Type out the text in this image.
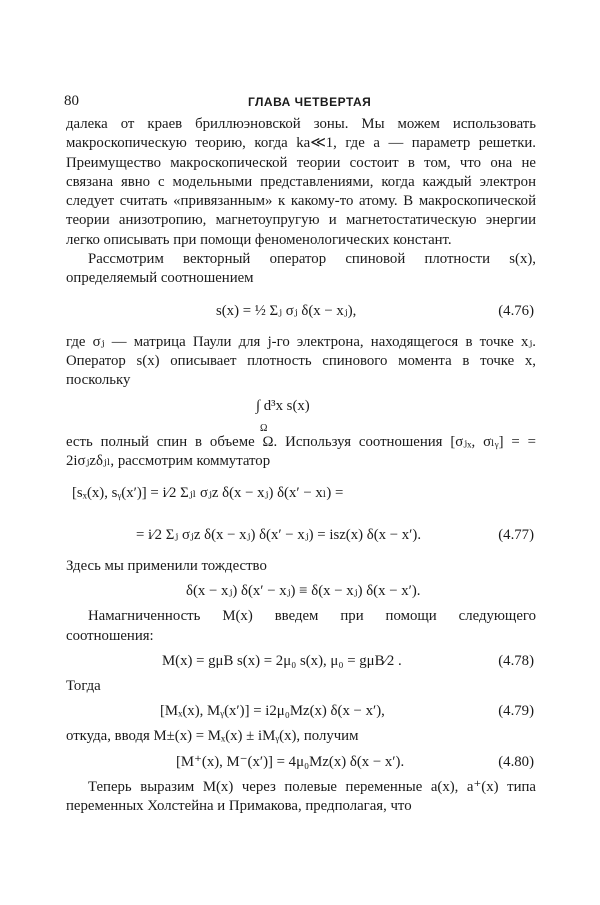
80	ГЛАВА ЧЕТВЕРТАЯ

далека от краев бриллюэновской зоны. Мы можем использовать макроскопическую теорию, когда ka≪1, где a — параметр решетки. Преимущество макроскопической теории состоит в том, что она не связана явно с модельными представлениями, когда каждый электрон следует считать «привязанным» к какому-то атому. В макроскопической теории анизотропию, магнетоупругую и магнетостатическую энергии легко описывать при помощи феноменологических констант.

Рассмотрим векторный оператор спиновой плотности s(x), определяемый соотношением

s(x) = ½ Σⱼ σⱼ δ(x − xⱼ),	(4.76)

где σⱼ — матрица Паули для j-го электрона, находящегося в точке xⱼ. Оператор s(x) описывает плотность спинового момента в точке x, поскольку

∫ d³x s(x)
Ω

есть полный спин в объеме Ω. Используя соотношения [σⱼₓ, σₗᵧ] = = 2iσⱼzδⱼₗ, рассмотрим коммутатор

[sₓ(x), sᵧ(x′)] = i⁄2 Σⱼₗ σⱼz δ(x − xⱼ) δ(x′ − xₗ) =
= i⁄2 Σⱼ σⱼz δ(x − xⱼ) δ(x′ − xⱼ) = isz(x) δ(x − x′).	(4.77)

Здесь мы применили тождество

δ(x − xⱼ) δ(x′ − xⱼ) ≡ δ(x − xⱼ) δ(x − x′).

Намагниченность M(x) введем при помощи следующего соотношения:

M(x) = gμB s(x) = 2μ₀ s(x), μ₀ = gμB⁄2 .	(4.78)

Тогда

[Mₓ(x), Mᵧ(x′)] = i2μ₀Mz(x) δ(x − x′),	(4.79)

откуда, вводя M±(x) = Mₓ(x) ± iMᵧ(x), получим

[M⁺(x), M⁻(x′)] = 4μ₀Mz(x) δ(x − x′).	(4.80)

Теперь выразим M(x) через полевые переменные a(x), a⁺(x) типа переменных Холстейна и Примакова, предполагая, что
